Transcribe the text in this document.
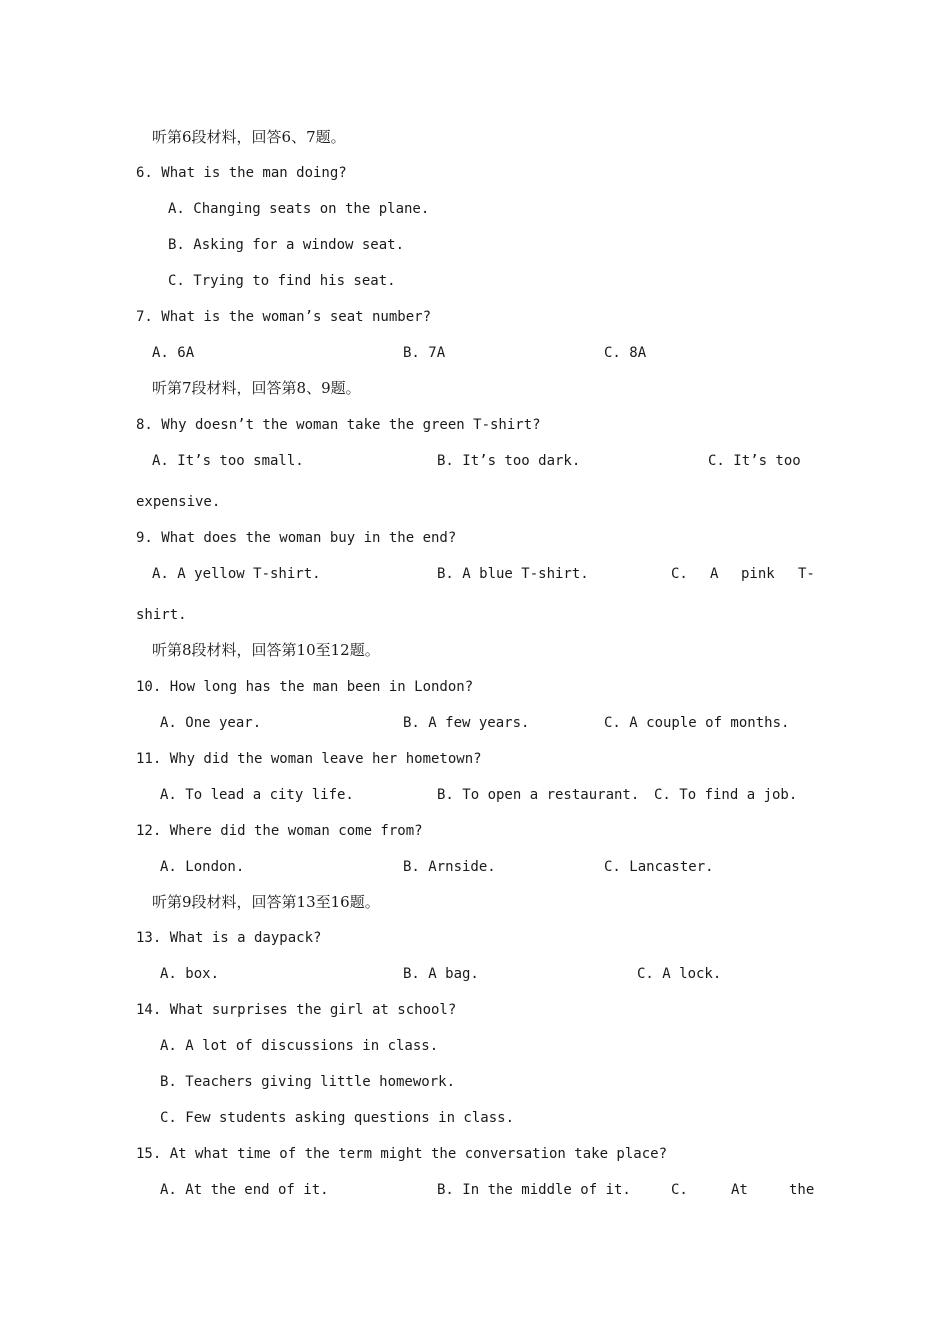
听第6段材料，回答6、7题。
6. What is the man doing?
A. Changing seats on the plane.
B. Asking for a window seat.
C. Trying to find his seat.
7. What is the woman’s seat number?
A. 6A	B. 7A	C. 8A
听第7段材料，回答第8、9题。
8. Why doesn’t the woman take the green T-shirt?
A. It’s too small.	B. It’s too dark.	C. It’s too
expensive.
9. What does the woman buy in the end?
A. A yellow T-shirt.	B. A blue T-shirt.	C. A pink T-
shirt.
听第8段材料，回答第10至12题。
10. How long has the man been in London?
A. One year.	B. A few years.	C. A couple of months.
11. Why did the woman leave her hometown?
A. To lead a city life.	B. To open a restaurant. C. To find a job.
12. Where did the woman come from?
A. London.	B. Arnside.	C. Lancaster.
听第9段材料，回答第13至16题。
13. What is a daypack?
A. box.	B. A bag.	C. A lock.
14. What surprises the girl at school?
A. A lot of discussions in class.
B. Teachers giving little homework.
C. Few students asking questions in class.
15. At what time of the term might the conversation take place?
A. At the end of it.	B. In the middle of it.	C.	At	the
